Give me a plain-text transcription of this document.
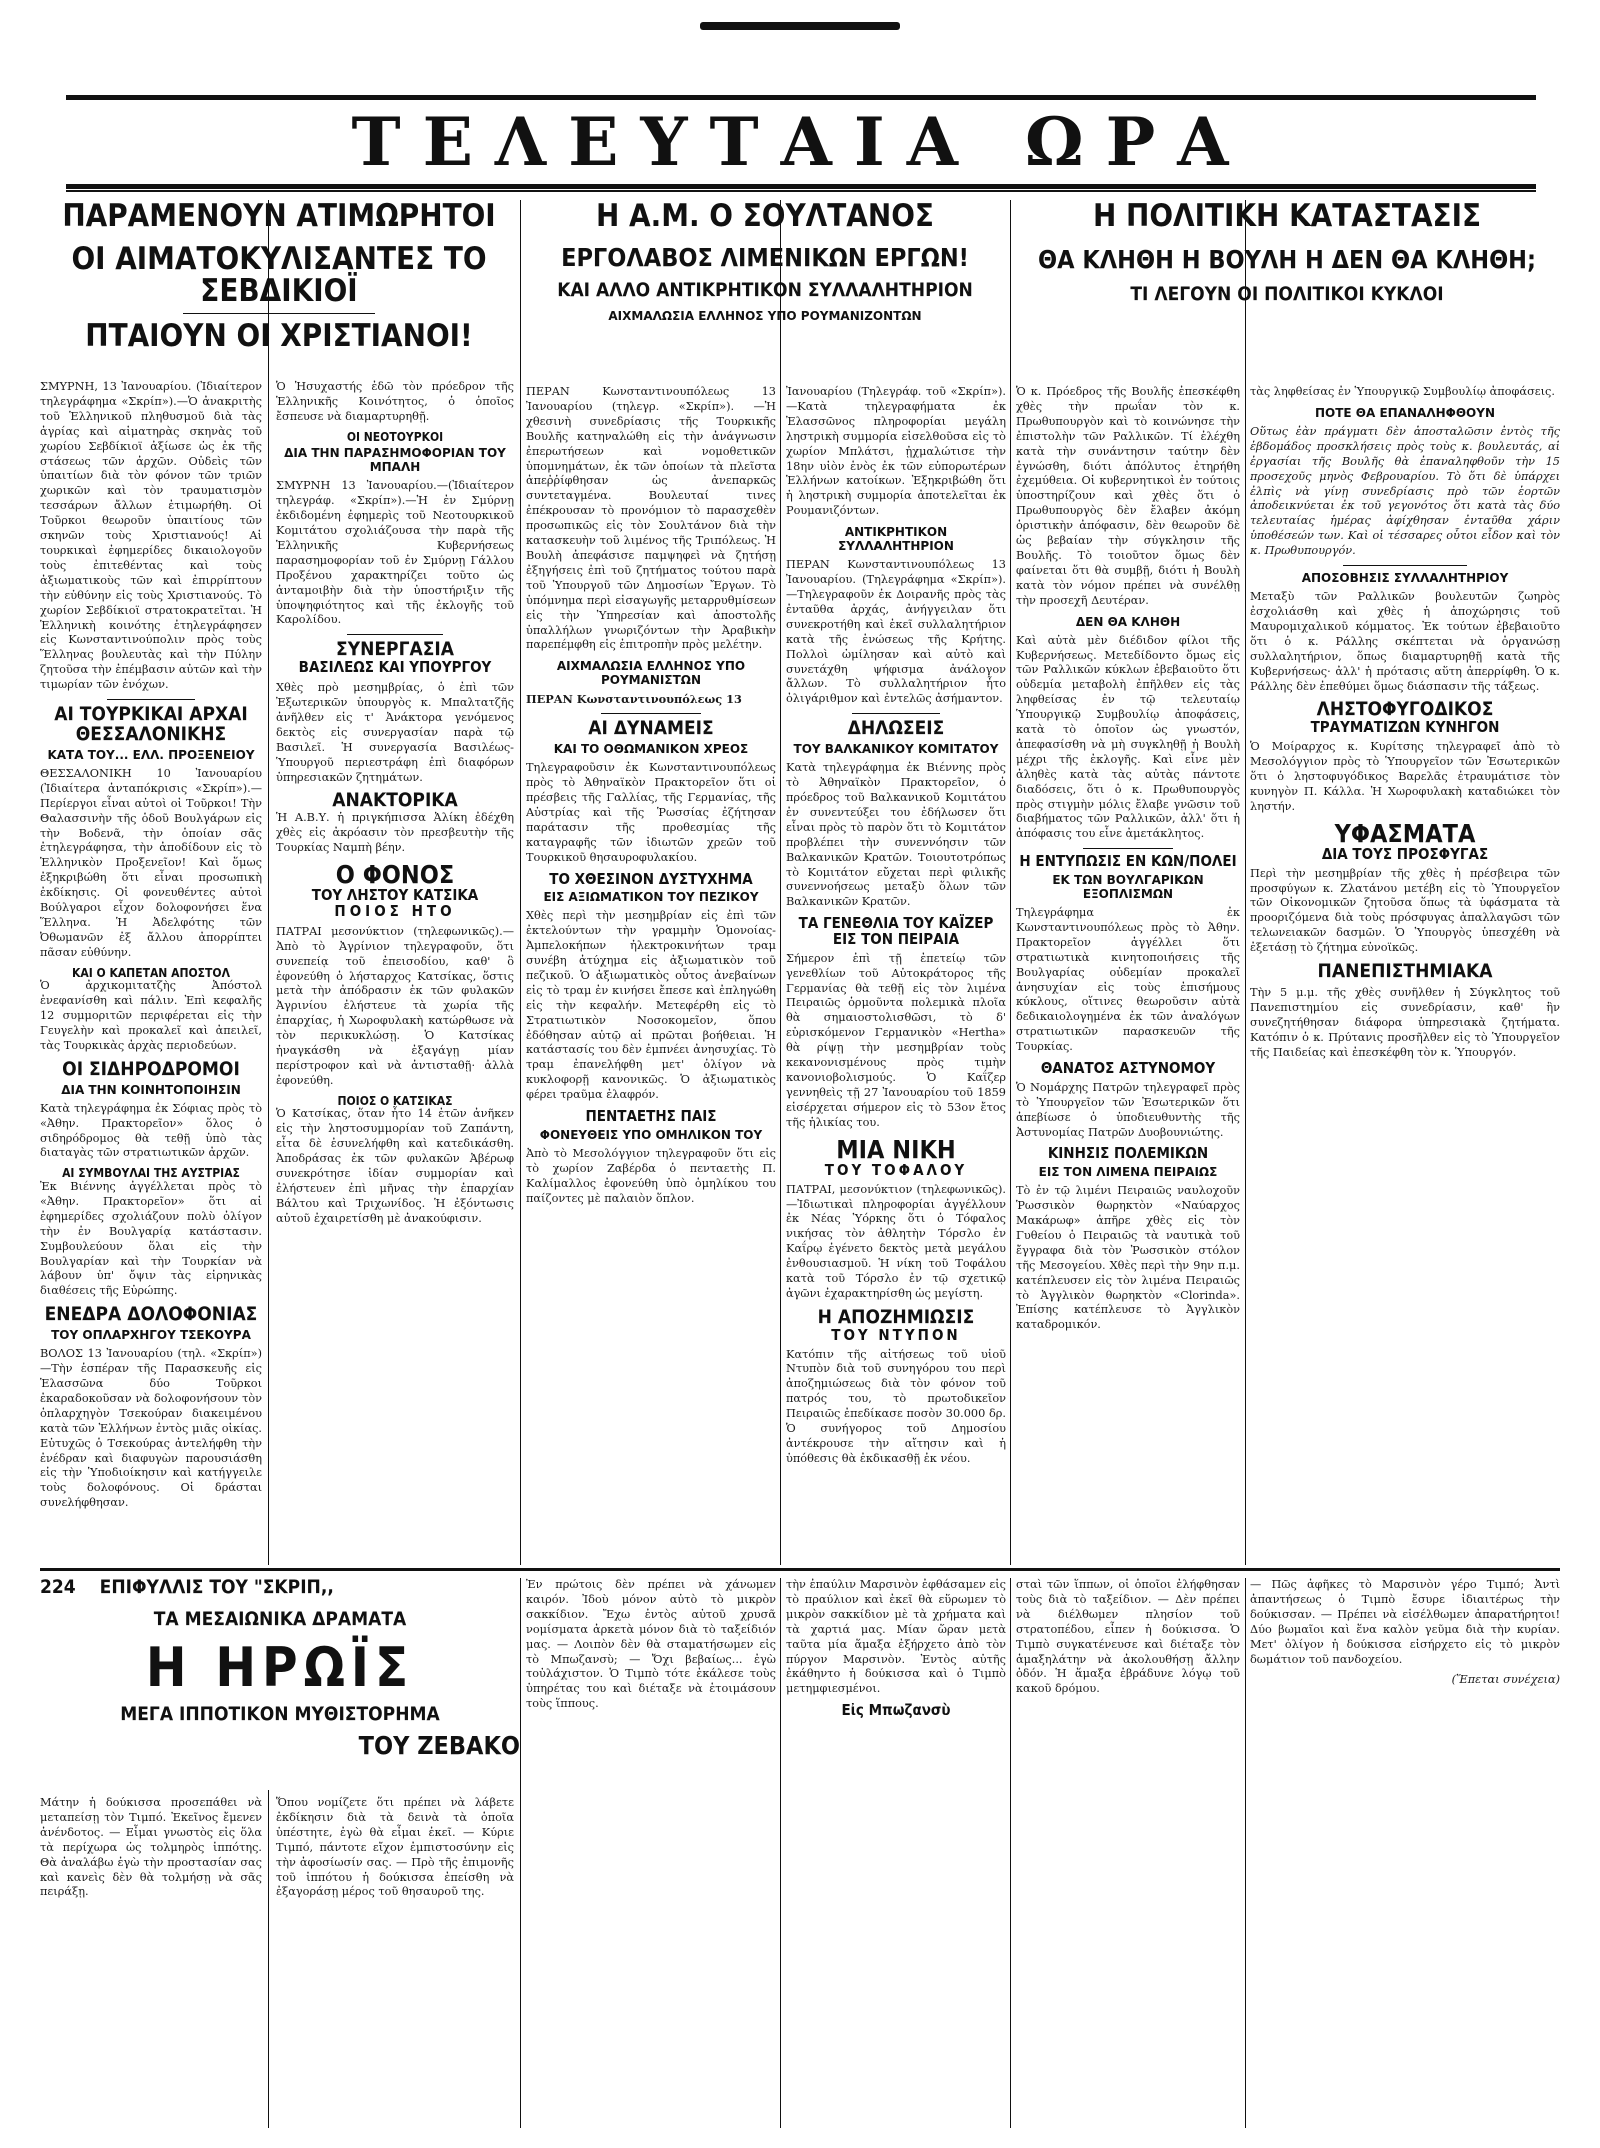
ΤΕΛΕΥΤΑΙΑ ΩΡΑ

ΠΑΡΑΜΕΝΟΥΝ ΑΤΙΜΩΡΗΤΟΙ

ΟΙ ΑΙΜΑΤΟΚΥΛΙΣΑΝΤΕΣ ΤΟ ΣΕΒΔΙΚΙΟΪ

ΠΤΑΙΟΥΝ ΟΙ ΧΡΙΣΤΙΑΝΟΙ!

ΣΜΥΡΝΗ, 13 Ἰανουαρίου. (Ἰδιαίτερον τηλεγράφημα «Σκρίπ»).—Ὁ ἀνακριτὴς τοῦ Ἑλληνικοῦ πληθυσμοῦ διὰ τὰς ἀγρίας καὶ αἱματηρὰς σκηνὰς τοῦ χωρίου Σεβδίκιοϊ ἀξίωσε ὡς ἐκ τῆς στάσεως τῶν ἀρχῶν. Οὐδεὶς τῶν ὑπαιτίων διὰ τὸν φόνον τῶν τριῶν χωρικῶν καὶ τὸν τραυματισμὸν τεσσάρων ἄλλων ἐτιμωρήθη. Οἱ Τοῦρκοι θεωροῦν ὑπαιτίους τῶν σκηνῶν τοὺς Χριστιανούς! Αἱ τουρκικαὶ ἐφημερίδες δικαιολογοῦν τοὺς ἐπιτεθέντας καὶ τοὺς ἀξιωματικοὺς τῶν καὶ ἐπιρρίπτουν τὴν εὐθύνην εἰς τοὺς Χριστιανούς. Τὸ χωρίον Σεβδίκιοϊ στρατοκρατεῖται. Ἡ Ἑλληνικὴ κοινότης ἐτηλεγράφησεν εἰς Κωνσταντινούπολιν πρὸς τοὺς Ἕλληνας βουλευτὰς καὶ τὴν Πύλην ζητοῦσα τὴν ἐπέμβασιν αὐτῶν καὶ τὴν τιμωρίαν τῶν ἐνόχων.

ΑΙ ΤΟΥΡΚΙΚΑΙ ΑΡΧΑΙ ΘΕΣΣΑΛΟΝΙΚΗΣ

ΚΑΤΑ ΤΟΥ... ΕΛΛ. ΠΡΟΞΕΝΕΙΟΥ

ΘΕΣΣΑΛΟΝΙΚΗ 10 Ἰανουαρίου (Ἰδιαίτερα ἀνταπόκρισις «Σκρίπ»).—Περίεργοι εἶναι αὐτοὶ οἱ Τοῦρκοι! Τὴν Θαλασσινὴν τῆς ὁδοῦ Βουλγάρων εἰς τὴν Βοδενᾶ, τὴν ὁποίαν σᾶς ἐτηλεγράφησα, τὴν ἀποδίδουν εἰς τὸ Ἑλληνικὸν Προξενεῖον! Καὶ ὅμως ἐξηκριβώθη ὅτι εἶναι προσωπικὴ ἐκδίκησις. Οἱ φονευθέντες αὐτοὶ Βούλγαροι εἶχον δολοφονήσει ἕνα Ἕλληνα. Ἡ Ἀδελφότης τῶν Ὀθωμανῶν ἐξ ἄλλου ἀπορρίπτει πᾶσαν εὐθύνην.

ΚΑΙ Ο ΚΑΠΕΤΑΝ ΑΠΟΣΤΟΛ

Ὁ ἀρχικομιτατζὴς Ἀπόστολ ἐνεφανίσθη καὶ πάλιν. Ἐπὶ κεφαλῆς 12 συμμοριτῶν περιφέρεται εἰς τὴν Γευγελὴν καὶ προκαλεῖ καὶ ἀπειλεῖ, τὰς Τουρκικὰς ἀρχὰς περιοδεύων.

ΟΙ ΣΙΔΗΡΟΔΡΟΜΟΙ

ΔΙΑ ΤΗΝ ΚΟΙΝΗΤΟΠΟΙΗΣΙΝ

Κατὰ τηλεγράφημα ἐκ Σόφιας πρὸς τὸ «Ἀθην. Πρακτορεῖον» ὅλος ὁ σιδηρόδρομος θὰ τεθῇ ὑπὸ τὰς διαταγὰς τῶν στρατιωτικῶν ἀρχῶν.

ΑΙ ΣΥΜΒΟΥΛΑΙ ΤΗΣ ΑΥΣΤΡΙΑΣ

Ἐκ Βιέννης ἀγγέλλεται πρὸς τὸ «Ἀθην. Πρακτορεῖον» ὅτι αἱ ἐφημερίδες σχολιάζουν πολὺ ὀλίγον τὴν ἐν Βουλγαρίᾳ κατάστασιν. Συμβουλεύουν ὅλαι εἰς τὴν Βουλγαρίαν καὶ τὴν Τουρκίαν νὰ λάβουν ὑπ' ὄψιν τὰς εἰρηνικὰς διαθέσεις τῆς Εὐρώπης.

ΕΝΕΔΡΑ ΔΟΛΟΦΟΝΙΑΣ

ΤΟΥ ΟΠΛΑΡΧΗΓΟΥ ΤΣΕΚΟΥΡΑ

ΒΟΛΟΣ 13 Ἰανουαρίου (τηλ. «Σκρίπ»)—Τὴν ἑσπέραν τῆς Παρασκευῆς εἰς Ἑλασσῶνα δύο Τοῦρκοι ἐκαραδοκοῦσαν νὰ δολοφονήσουν τὸν ὁπλαρχηγὸν Τσεκούραν διακειμένου κατὰ τῶν Ἑλλήνων ἐντὸς μιᾶς οἰκίας. Εὐτυχῶς ὁ Τσεκούρας ἀντελήφθη τὴν ἐνέδραν καὶ διαφυγὼν παρουσιάσθη εἰς τὴν Ὑποδιοίκησιν καὶ κατήγγειλε τοὺς δολοφόνους. Οἱ δράσται συνελήφθησαν.

Ὁ Ἡσυχαστής ἐδῶ τὸν πρόεδρον τῆς Ἑλληνικῆς Κοινότητος, ὁ ὁποῖος ἔσπευσε νὰ διαμαρτυρηθῇ.

ΟΙ ΝΕΟΤΟΥΡΚΟΙ

ΔΙΑ ΤΗΝ ΠΑΡΑΣΗΜΟΦΟΡΙΑΝ ΤΟΥ ΜΠΑΛΗ

ΣΜΥΡΝΗ 13 Ἰανουαρίου.—(Ἰδιαίτερον τηλεγράφ. «Σκρίπ»).—Ἡ ἐν Σμύρνῃ ἐκδιδομένη ἐφημερὶς τοῦ Νεοτουρκικοῦ Κομιτάτου σχολιάζουσα τὴν παρὰ τῆς Ἑλληνικῆς Κυβερνήσεως παρασημοφορίαν τοῦ ἐν Σμύρνῃ Γάλλου Προξένου χαρακτηρίζει τοῦτο ὡς ἀνταμοιβὴν διὰ τὴν ὑποστήριξιν τῆς ὑποψηφιότητος καὶ τῆς ἐκλογῆς τοῦ Καρολίδου.

ΣΥΝΕΡΓΑΣΙΑ

ΒΑΣΙΛΕΩΣ ΚΑΙ ΥΠΟΥΡΓΟΥ

Χθὲς πρὸ μεσημβρίας, ὁ ἐπὶ τῶν Ἐξωτερικῶν ὑπουργὸς κ. Μπαλτατζῆς ἀνῆλθεν εἰς τ' Ἀνάκτορα γενόμενος δεκτὸς εἰς συνεργασίαν παρὰ τῷ Βασιλεῖ. Ἡ συνεργασία Βασιλέως-Ὑπουργοῦ περιεστράφη ἐπὶ διαφόρων ὑπηρεσιακῶν ζητημάτων.

ΑΝΑΚΤΟΡΙΚΑ

Ἡ Α.Β.Υ. ἡ πριγκήπισσα Ἀλίκη ἐδέχθη χθὲς εἰς ἀκρόασιν τὸν πρεσβευτὴν τῆς Τουρκίας Ναμπὴ βέην.

Ο ΦΟΝΟΣ

ΤΟΥ ΛΗΣΤΟΥ ΚΑΤΣΙΚΑ

ΠΟΙΟΣ ΗΤΟ

ΠΑΤΡΑΙ μεσονύκτιον (τηλεφωνικῶς).—Ἀπὸ τὸ Ἀγρίνιον τηλεγραφοῦν, ὅτι συνεπείᾳ τοῦ ἐπεισοδίου, καθ' ὃ ἐφονεύθη ὁ λήσταρχος Κατσίκας, ὅστις μετὰ τὴν ἀπόδρασιν ἐκ τῶν φυλακῶν Ἀγρινίου ἐλήστευε τὰ χωρία τῆς ἐπαρχίας, ἡ Χωροφυλακὴ κατώρθωσε νὰ τὸν περικυκλώσῃ. Ὁ Κατσίκας ἠναγκάσθη νὰ ἐξαγάγῃ μίαν περίστροφον καὶ νὰ ἀντισταθῇ· ἀλλὰ ἐφονεύθη.

ΠΟΙΟΣ Ο ΚΑΤΣΙΚΑΣ

Ὁ Κατσίκας, ὅταν ἦτο 14 ἐτῶν ἀνῆκεν εἰς τὴν ληστοσυμμορίαν τοῦ Ζαπάντη, εἶτα δὲ ἐσυνελήφθη καὶ κατεδικάσθη. Ἀποδράσας ἐκ τῶν φυλακῶν Ἀβέρωφ συνεκρότησε ἰδίαν συμμορίαν καὶ ἐλήστευεν ἐπὶ μῆνας τὴν ἐπαρχίαν Βάλτου καὶ Τριχωνίδος. Ἡ ἐξόντωσις αὐτοῦ ἐχαιρετίσθη μὲ ἀνακούφισιν.

Η Α.Μ. Ο ΣΟΥΛΤΑΝΟΣ

ΕΡΓΟΛΑΒΟΣ ΛΙΜΕΝΙΚΩΝ ΕΡΓΩΝ!

ΚΑΙ ΑΛΛΟ ΑΝΤΙΚΡΗΤΙΚΟΝ ΣΥΛΛΑΛΗΤΗΡΙΟΝ

ΑΙΧΜΑΛΩΣΙΑ ΕΛΛΗΝΟΣ ΥΠΟ ΡΟΥΜΑΝΙΖΟΝΤΩΝ

ΠΕΡΑΝ Κωνσταντινουπόλεως 13 Ἰανουαρίου (τηλεγρ. «Σκρίπ»). —Ἡ χθεσινὴ συνεδρίασις τῆς Τουρκικῆς Βουλῆς κατηναλώθη εἰς τὴν ἀνάγνωσιν ἐπερωτήσεων καὶ νομοθετικῶν ὑπομνημάτων, ἐκ τῶν ὁποίων τὰ πλεῖστα ἀπεῤῥίφθησαν ὡς ἀνεπαρκῶς συντεταγμένα. Βουλευταί τινες ἐπέκρουσαν τὸ προνόμιον τὸ παρασχεθὲν προσωπικῶς εἰς τὸν Σουλτάνον διὰ τὴν κατασκευὴν τοῦ λιμένος τῆς Τριπόλεως. Ἡ Βουλὴ ἀπεφάσισε παμψηφεὶ νὰ ζητήσῃ ἐξηγήσεις ἐπὶ τοῦ ζητήματος τούτου παρὰ τοῦ Ὑπουργοῦ τῶν Δημοσίων Ἔργων. Τὸ ὑπόμνημα περὶ εἰσαγωγῆς μεταρρυθμίσεων εἰς τὴν Ὑπηρεσίαν καὶ ἀποστολῆς ὑπαλλήλων γνωριζόντων τὴν Ἀραβικὴν παρεπέμφθη εἰς ἐπιτροπὴν πρὸς μελέτην.

ΑΙΧΜΑΛΩΣΙΑ ΕΛΛΗΝΟΣ ΥΠΟ ΡΟΥΜΑΝΙΣΤΩΝ

ΠΕΡΑΝ Κωνσταντινουπόλεως 13

ΑΙ ΔΥΝΑΜΕΙΣ

ΚΑΙ ΤΟ ΟΘΩΜΑΝΙΚΟΝ ΧΡΕΟΣ

Τηλεγραφοῦσιν ἐκ Κωνσταντινουπόλεως πρὸς τὸ Ἀθηναϊκὸν Πρακτορεῖον ὅτι οἱ πρέσβεις τῆς Γαλλίας, τῆς Γερμανίας, τῆς Αὐστρίας καὶ τῆς Ῥωσσίας ἐζήτησαν παράτασιν τῆς προθεσμίας τῆς καταγραφῆς τῶν ἰδιωτῶν χρεῶν τοῦ Τουρκικοῦ θησαυροφυλακίου.

ΤΟ ΧΘΕΣΙΝΟΝ ΔΥΣΤΥΧΗΜΑ

ΕΙΣ ΑΞΙΩΜΑΤΙΚΟΝ ΤΟΥ ΠΕΖΙΚΟΥ

Χθὲς περὶ τὴν μεσημβρίαν εἰς ἐπὶ τῶν ἐκτελούντων τὴν γραμμὴν Ὁμονοίας-Ἀμπελοκήπων ἠλεκτροκινήτων τραμ συνέβη ἀτύχημα εἰς ἀξιωματικὸν τοῦ πεζικοῦ. Ὁ ἀξιωματικὸς οὗτος ἀνεβαίνων εἰς τὸ τραμ ἐν κινήσει ἔπεσε καὶ ἐπληγώθη εἰς τὴν κεφαλήν. Μετεφέρθη εἰς τὸ Στρατιωτικὸν Νοσοκομεῖον, ὅπου ἐδόθησαν αὐτῷ αἱ πρῶται βοήθειαι. Ἡ κατάστασίς του δὲν ἐμπνέει ἀνησυχίας. Τὸ τραμ ἐπανελήφθη μετ' ὀλίγον νὰ κυκλοφορῇ κανονικῶς. Ὁ ἀξιωματικὸς φέρει τραῦμα ἐλαφρόν.

ΠΕΝΤΑΕΤΗΣ ΠΑΙΣ

ΦΟΝΕΥΘΕΙΣ ΥΠΟ ΟΜΗΛΙΚΟΝ ΤΟΥ

Ἀπὸ τὸ Μεσολόγγιον τηλεγραφοῦν ὅτι εἰς τὸ χωρίον Ζαβέρδα ὁ πενταετὴς Π. Καλίμαλλος ἐφονεύθη ὑπὸ ὁμηλίκου του παίζοντες μὲ παλαιὸν ὅπλον.

Ἰανουαρίου (Τηλεγράφ. τοῦ «Σκρίπ»).—Κατὰ τηλεγραφήματα ἐκ Ἐλασσῶνος πληροφορίαι μεγάλη ληστρικὴ συμμορία εἰσελθοῦσα εἰς τὸ χωρίον Μπλάτσι, ᾐχμαλώτισε τὴν 18ην υἱὸν ἑνὸς ἐκ τῶν εὐπορωτέρων Ἑλλήνων κατοίκων. Ἐξηκριβώθη ὅτι ἡ ληστρικὴ συμμορία ἀποτελεῖται ἐκ Ρουμανιζόντων.

ΑΝΤΙΚΡΗΤΙΚΟΝ ΣΥΛΛΑΛΗΤΗΡΙΟΝ

ΠΕΡΑΝ Κωνσταντινουπόλεως 13 Ἰανουαρίου. (Τηλεγράφημα «Σκρίπ»).—Τηλεγραφοῦν ἐκ Δοιρανῆς πρὸς τὰς ἐνταῦθα ἀρχάς, ἀνήγγειλαν ὅτι συνεκροτήθη καὶ ἐκεῖ συλλαλητήριον κατὰ τῆς ἑνώσεως τῆς Κρήτης. Πολλοὶ ὡμίλησαν καὶ αὐτὸ καὶ συνετάχθη ψήφισμα ἀνάλογον ἄλλων. Τὸ συλλαλητήριον ἦτο ὀλιγάριθμον καὶ ἐντελῶς ἀσήμαντον.

ΔΗΛΩΣΕΙΣ

ΤΟΥ ΒΑΛΚΑΝΙΚΟΥ ΚΟΜΙΤΑΤΟΥ

Κατὰ τηλεγράφημα ἐκ Βιέννης πρὸς τὸ Ἀθηναϊκὸν Πρακτορεῖον, ὁ πρόεδρος τοῦ Βαλκανικοῦ Κομιτάτου ἐν συνεντεύξει του ἐδήλωσεν ὅτι εἶναι πρὸς τὸ παρὸν ὅτι τὸ Κομιτάτον προβλέπει τὴν συνεννόησιν τῶν Βαλκανικῶν Κρατῶν. Τοιουτοτρόπως τὸ Κομιτάτον εὔχεται περὶ φιλικῆς συνεννοήσεως μεταξὺ ὅλων τῶν Βαλκανικῶν Κρατῶν.

ΤΑ ΓΕΝΕΘΛΙΑ ΤΟΥ ΚΑΪΖΕΡ

ΕΙΣ ΤΟΝ ΠΕΙΡΑΙΑ

Σήμερον ἐπὶ τῇ ἐπετείῳ τῶν γενεθλίων τοῦ Αὐτοκράτορος τῆς Γερμανίας θὰ τεθῇ εἰς τὸν λιμένα Πειραιῶς ὁρμοῦντα πολεμικὰ πλοῖα θὰ σημαιοστολισθῶσι, τὸ δ' εὑρισκόμενον Γερμανικὸν «Hertha» θὰ ρίψῃ τὴν μεσημβρίαν τοὺς κεκανονισμένους πρὸς τιμὴν κανονιοβολισμούς. Ὁ Καΐζερ γεννηθεὶς τῇ 27 Ἰανουαρίου τοῦ 1859 εἰσέρχεται σήμερον εἰς τὸ 53ον ἔτος τῆς ἡλικίας του.

ΜΙΑ ΝΙΚΗ

ΤΟΥ ΤΟΦΑΛΟΥ

ΠΑΤΡΑΙ, μεσονύκτιον (τηλεφωνικῶς).—Ἰδιωτικαὶ πληροφορίαι ἀγγέλλουν ἐκ Νέας Ὑόρκης ὅτι ὁ Τόφαλος νικήσας τὸν ἀθλητὴν Τόρσλο ἐν Καΐρῳ ἐγένετο δεκτὸς μετὰ μεγάλου ἐνθουσιασμοῦ. Ἡ νίκη τοῦ Τοφάλου κατὰ τοῦ Τόρσλο ἐν τῷ σχετικῷ ἀγῶνι ἐχαρακτηρίσθη ὡς μεγίστη.

Η ΑΠΟΖΗΜΙΩΣΙΣ

ΤΟΥ ΝΤΥΠΟΝ

Κατόπιν τῆς αἰτήσεως τοῦ υἱοῦ Ντυπὸν διὰ τοῦ συνηγόρου του περὶ ἀποζημιώσεως διὰ τὸν φόνον τοῦ πατρός του, τὸ πρωτοδικεῖον Πειραιῶς ἐπεδίκασε ποσὸν 30.000 δρ. Ὁ συνήγορος τοῦ Δημοσίου ἀντέκρουσε τὴν αἴτησιν καὶ ἡ ὑπόθεσις θὰ ἐκδικασθῇ ἐκ νέου.

Η ΠΟΛΙΤΙΚΗ ΚΑΤΑΣΤΑΣΙΣ

ΘΑ ΚΛΗΘΗ Η ΒΟΥΛΗ Η ΔΕΝ ΘΑ ΚΛΗΘΗ;

ΤΙ ΛΕΓΟΥΝ ΟΙ ΠΟΛΙΤΙΚΟΙ ΚΥΚΛΟΙ

Ὁ κ. Πρόεδρος τῆς Βουλῆς ἐπεσκέφθη χθὲς τὴν πρωΐαν τὸν κ. Πρωθυπουργὸν καὶ τὸ κοινώνησε τὴν ἐπιστολὴν τῶν Ραλλικῶν. Τί ἐλέχθη κατὰ τὴν συνάντησιν ταύτην δὲν ἐγνώσθη, διότι ἀπόλυτος ἐτηρήθη ἐχεμύθεια. Οἱ κυβερνητικοὶ ἐν τούτοις ὑποστηρίζουν καὶ χθὲς ὅτι ὁ Πρωθυπουργὸς δὲν ἔλαβεν ἀκόμη ὁριστικὴν ἀπόφασιν, δὲν θεωροῦν δὲ ὡς βεβαίαν τὴν σύγκλησιν τῆς Βουλῆς. Τὸ τοιοῦτον ὅμως δὲν φαίνεται ὅτι θὰ συμβῇ, διότι ἡ Βουλὴ κατὰ τὸν νόμον πρέπει νὰ συνέλθῃ τὴν προσεχῆ Δευτέραν.

ΔΕΝ ΘΑ ΚΛΗΘΗ

Καὶ αὐτὰ μὲν διέδιδον φίλοι τῆς Κυβερνήσεως. Μετεδίδοντο ὅμως εἰς τῶν Ραλλικῶν κύκλων ἐβεβαιοῦτο ὅτι οὐδεμία μεταβολὴ ἐπῆλθεν εἰς τὰς ληφθείσας ἐν τῷ τελευταίῳ Ὑπουργικῷ Συμβουλίῳ ἀποφάσεις, κατὰ τὸ ὁποῖον ὡς γνωστόν, ἀπεφασίσθη νὰ μὴ συγκληθῇ ἡ Βουλὴ μέχρι τῆς ἐκλογῆς. Καὶ εἶνε μὲν ἀληθὲς κατὰ τὰς αὐτὰς πάντοτε διαδόσεις, ὅτι ὁ κ. Πρωθυπουργὸς πρὸς στιγμὴν μόλις ἔλαβε γνῶσιν τοῦ διαβήματος τῶν Ραλλικῶν, ἀλλ' ὅτι ἡ ἀπόφασις του εἶνε ἀμετάκλητος.

Η ΕΝΤΥΠΩΣΙΣ ΕΝ ΚΩΝ/ΠΟΛΕΙ

ΕΚ ΤΩΝ ΒΟΥΛΓΑΡΙΚΩΝ ΕΞΟΠΛΙΣΜΩΝ

Τηλεγράφημα ἐκ Κωνσταντινουπόλεως πρὸς τὸ Ἀθην. Πρακτορεῖον ἀγγέλλει ὅτι στρατιωτικὰ κινητοποιήσεις τῆς Βουλγαρίας οὐδεμίαν προκαλεῖ ἀνησυχίαν εἰς τοὺς ἐπισήμους κύκλους, οἵτινες θεωροῦσιν αὐτὰ δεδικαιολογημένα ἐκ τῶν ἀναλόγων στρατιωτικῶν παρασκευῶν τῆς Τουρκίας.

ΘΑΝΑΤΟΣ ΑΣΤΥΝΟΜΟΥ

Ὁ Νομάρχης Πατρῶν τηλεγραφεῖ πρὸς τὸ Ὑπουργεῖον τῶν Ἐσωτερικῶν ὅτι ἀπεβίωσε ὁ ὑποδιευθυντὴς τῆς Ἀστυνομίας Πατρῶν Δυοβουνιώτης.

ΚΙΝΗΣΙΣ ΠΟΛΕΜΙΚΩΝ

ΕΙΣ ΤΟΝ ΛΙΜΕΝΑ ΠΕΙΡΑΙΩΣ

Τὸ ἐν τῷ λιμένι Πειραιῶς ναυλοχοῦν Ῥωσσικὸν θωρηκτὸν «Ναύαρχος Μακάρωφ» ἀπῆρε χθὲς εἰς τὸν Γυθείου ὁ Πειραιῶς τὰ ναυτικὰ τοῦ ἔγγραφα διὰ τὸν Ῥωσσικὸν στόλον τῆς Μεσογείου. Χθὲς περὶ τὴν 9ην π.μ. κατέπλευσεν εἰς τὸν λιμένα Πειραιῶς τὸ Ἀγγλικὸν θωρηκτὸν «Clorinda». Ἐπίσης κατέπλευσε τὸ Ἀγγλικὸν καταδρομικόν.

τὰς ληφθείσας ἐν Ὑπουργικῷ Συμβουλίῳ ἀποφάσεις.

ΠΟΤΕ ΘΑ ΕΠΑΝΑΛΗΦΘΟΥΝ

Οὕτως ἐὰν πράγματι δὲν ἀποσταλῶσιν ἐντὸς τῆς ἑβδομάδος προσκλήσεις πρὸς τοὺς κ. βουλευτάς, αἱ ἐργασίαι τῆς Βουλῆς θὰ ἐπαναληφθοῦν τὴν 15 προσεχοῦς μηνὸς Φεβρουαρίου. Τὸ ὅτι δὲ ὑπάρχει ἐλπὶς νὰ γίνῃ συνεδρίασις πρὸ τῶν ἑορτῶν ἀποδεικνύεται ἐκ τοῦ γεγονότος ὅτι κατὰ τὰς δύο τελευταίας ἡμέρας ἀφίχθησαν ἐνταῦθα χάριν ὑποθέσεών των. Καὶ οἱ τέσσαρες οὗτοι εἶδον καὶ τὸν κ. Πρωθυπουργόν.

ΑΠΟΣΟΒΗΣΙΣ ΣΥΛΛΑΛΗΤΗΡΙΟΥ

Μεταξὺ τῶν Ραλλικῶν βουλευτῶν ζωηρὸς ἐσχολιάσθη καὶ χθὲς ἡ ἀποχώρησις τοῦ Μαυρομιχαλικοῦ κόμματος. Ἐκ τούτων ἐβεβαιοῦτο ὅτι ὁ κ. Ράλλης σκέπτεται νὰ ὀργανώσῃ συλλαλητήριον, ὅπως διαμαρτυρηθῇ κατὰ τῆς Κυβερνήσεως· ἀλλ' ἡ πρότασις αὕτη ἀπερρίφθη. Ὁ κ. Ράλλης δὲν ἐπεθύμει ὅμως διάσπασιν τῆς τάξεως.

ΛΗΣΤΟΦΥΓΟΔΙΚΟΣ

ΤΡΑΥΜΑΤΙΖΩΝ ΚΥΝΗΓΟΝ

Ὁ Μοίραρχος κ. Κυρίτσης τηλεγραφεῖ ἀπὸ τὸ Μεσολόγγιον πρὸς τὸ Ὑπουργεῖον τῶν Ἐσωτερικῶν ὅτι ὁ ληστοφυγόδικος Βαρελᾶς ἐτραυμάτισε τὸν κυνηγὸν Π. Κάλλα. Ἡ Χωροφυλακὴ καταδιώκει τὸν ληστήν.

ΥΦΑΣΜΑΤΑ

ΔΙΑ ΤΟΥΣ ΠΡΟΣΦΥΓΑΣ

Περὶ τὴν μεσημβρίαν τῆς χθὲς ἡ πρέσβειρα τῶν προσφύγων κ. Ζλατάνου μετέβη εἰς τὸ Ὑπουργεῖον τῶν Οἰκονομικῶν ζητοῦσα ὅπως τὰ ὑφάσματα τὰ προοριζόμενα διὰ τοὺς πρόσφυγας ἀπαλλαγῶσι τῶν τελωνειακῶν δασμῶν. Ὁ Ὑπουργὸς ὑπεσχέθη νὰ ἐξετάσῃ τὸ ζήτημα εὐνοϊκῶς.

ΠΑΝΕΠΙΣΤΗΜΙΑΚΑ

Τὴν 5 μ.μ. τῆς χθὲς συνῆλθεν ἡ Σύγκλητος τοῦ Πανεπιστημίου εἰς συνεδρίασιν, καθ' ἣν συνεζητήθησαν διάφορα ὑπηρεσιακὰ ζητήματα. Κατόπιν ὁ κ. Πρύτανις προσῆλθεν εἰς τὸ Ὑπουργεῖον τῆς Παιδείας καὶ ἐπεσκέφθη τὸν κ. Ὑπουργόν.

224 ΕΠΙΦΥΛΛΙΣ ΤΟΥ "ΣΚΡΙΠ,,

ΤΑ ΜΕΣΑΙΩΝΙΚΑ ΔΡΑΜΑΤΑ

Η ΗΡΩΪΣ

ΜΕΓΑ ΙΠΠΟΤΙΚΟΝ ΜΥΘΙΣΤΟΡΗΜΑ

ΤΟΥ ΖΕΒΑΚΟ

Μάτην ἡ δούκισσα προσεπάθει νὰ μεταπείσῃ τὸν Τιμπό. Ἐκεῖνος ἔμενεν ἀνένδοτος. — Εἶμαι γνωστὸς εἰς ὅλα τὰ περίχωρα ὡς τολμηρὸς ἱππότης. Θὰ ἀναλάβω ἐγὼ τὴν προστασίαν σας καὶ κανεὶς δὲν θὰ τολμήσῃ νὰ σᾶς πειράξῃ.

Ὅπου νομίζετε ὅτι πρέπει νὰ λάβετε ἐκδίκησιν διὰ τὰ δεινὰ τὰ ὁποῖα ὑπέστητε, ἐγὼ θὰ εἶμαι ἐκεῖ. — Κύριε Τιμπό, πάντοτε εἴχον ἐμπιστοσύνην εἰς τὴν ἀφοσίωσίν σας. — Πρὸ τῆς ἐπιμονῆς τοῦ ἱππότου ἡ δούκισσα ἐπείσθη νὰ ἐξαγοράσῃ μέρος τοῦ θησαυροῦ της.

Ἐν πρώτοις δὲν πρέπει νὰ χάνωμεν καιρόν. Ἰδοὺ μόνον αὐτὸ τὸ μικρὸν σακκίδιον. Ἔχω ἐντὸς αὐτοῦ χρυσᾶ νομίσματα ἀρκετὰ μόνον διὰ τὸ ταξείδιόν μας. — Λοιπὸν δὲν θὰ σταματήσωμεν εἰς τὸ Μπωζανσὺ; — Ὄχι βεβαίως... ἐγὼ τοὐλάχιστον. Ὁ Τιμπὸ τότε ἐκάλεσε τοὺς ὑπηρέτας του καὶ διέταξε νὰ ἑτοιμάσουν τοὺς ἵππους.

τὴν ἐπαύλιν Μαρσινὸν ἐφθάσαμεν εἰς τὸ πραύλιον καὶ ἐκεῖ θὰ εὕρωμεν τὸ μικρὸν σακκίδιον μὲ τὰ χρήματα καὶ τὰ χαρτιά μας. Μίαν ὥραν μετὰ ταῦτα μία ἅμαξα ἐξήρχετο ἀπὸ τὸν πύργον Μαρσινὸν. Ἐντὸς αὐτῆς ἐκάθηντο ἡ δούκισσα καὶ ὁ Τιμπὸ μετημφιεσμένοι.

Εἰς Μπωζανσὺ

σταὶ τῶν ἵππων, οἱ ὁποῖοι ἐλήφθησαν τοὺς διὰ τὸ ταξείδιον. — Δὲν πρέπει νὰ διέλθωμεν πλησίον τοῦ στρατοπέδου, εἶπεν ἡ δούκισσα. Ὁ Τιμπὸ συγκατένευσε καὶ διέταξε τὸν ἁμαξηλάτην νὰ ἀκολουθήσῃ ἄλλην ὁδόν. Ἡ ἅμαξα ἐβράδυνε λόγῳ τοῦ κακοῦ δρόμου.

— Πῶς ἀφῆκες τὸ Μαρσινὸν γέρο Τιμπό; Ἀντὶ ἀπαντήσεως ὁ Τιμπὸ ἔσυρε ἰδιαιτέρως τὴν δούκισσαν. — Πρέπει νὰ εἰσέλθωμεν ἀπαρατήρητοι! Δύο βωμαῖοι καὶ ἕνα καλὸν γεῦμα διὰ τὴν κυρίαν. Μετ' ὀλίγον ἡ δούκισσα εἰσήρχετο εἰς τὸ μικρὸν δωμάτιον τοῦ πανδοχείου.

(Ἕπεται συνέχεια)
